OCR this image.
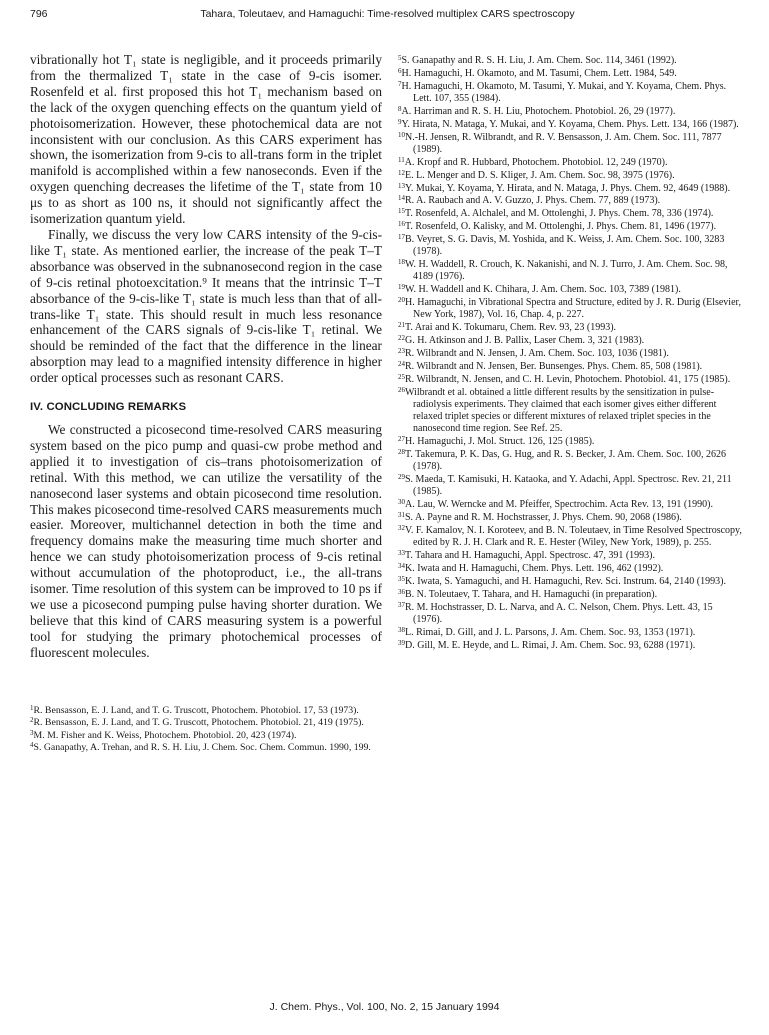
796	Tahara, Toleutaev, and Hamaguchi: Time-resolved multiplex CARS spectroscopy

vibrationally hot T₁ state is negligible, and it proceeds primarily from the thermalized T₁ state in the case of 9-cis isomer. Rosenfeld et al. first proposed this hot T₁ mechanism based on the lack of the oxygen quenching effects on the quantum yield of photoisomerization. However, these photochemical data are not inconsistent with our conclusion. As this CARS experiment has shown, the isomerization from 9-cis to all-trans form in the triplet manifold is accomplished within a few nanoseconds. Even if the oxygen quenching decreases the lifetime of the T₁ state from 10 μs to as short as 100 ns, it should not significantly affect the isomerization quantum yield.

Finally, we discuss the very low CARS intensity of the 9-cis-like T₁ state. As mentioned earlier, the increase of the peak T–T absorbance was observed in the subnanosecond region in the case of 9-cis retinal photoexcitation.⁹ It means that the intrinsic T–T absorbance of the 9-cis-like T₁ state is much less than that of all-trans-like T₁ state. This should result in much less resonance enhancement of the CARS signals of 9-cis-like T₁ retinal. We should be reminded of the fact that the difference in the linear absorption may lead to a magnified intensity difference in higher order optical processes such as resonant CARS.

IV. CONCLUDING REMARKS

We constructed a picosecond time-resolved CARS measuring system based on the pico pump and quasi-cw probe method and applied it to investigation of cis–trans photoisomerization of retinal. With this method, we can utilize the versatility of the nanosecond laser systems and obtain picosecond time resolution. This makes picosecond time-resolved CARS measurements much easier. Moreover, multichannel detection in both the time and frequency domains make the measuring time much shorter and hence we can study photoisomerization process of 9-cis retinal without accumulation of the photoproduct, i.e., the all-trans isomer. Time resolution of this system can be improved to 10 ps if we use a picosecond pumping pulse having shorter duration. We believe that this kind of CARS measuring system is a powerful tool for studying the primary photochemical processes of fluorescent molecules.

$^1$R. Bensasson, E. J. Land, and T. G. Truscott, Photochem. Photobiol. 17, 53 (1973).

$^2$R. Bensasson, E. J. Land, and T. G. Truscott, Photochem. Photobiol. 21, 419 (1975).

$^3$M. M. Fisher and K. Weiss, Photochem. Photobiol. 20, 423 (1974).

$^4$S. Ganapathy, A. Trehan, and R. S. H. Liu, J. Chem. Soc. Chem. Commun. 1990, 199.

$^5$S. Ganapathy and R. S. H. Liu, J. Am. Chem. Soc. 114, 3461 (1992).

$^6$H. Hamaguchi, H. Okamoto, and M. Tasumi, Chem. Lett. 1984, 549.

$^7$H. Hamaguchi, H. Okamoto, M. Tasumi, Y. Mukai, and Y. Koyama, Chem. Phys. Lett. 107, 355 (1984).

$^8$A. Harriman and R. S. H. Liu, Photochem. Photobiol. 26, 29 (1977).

$^9$Y. Hirata, N. Mataga, Y. Mukai, and Y. Koyama, Chem. Phys. Lett. 134, 166 (1987).

$^{10}$N.-H. Jensen, R. Wilbrandt, and R. V. Bensasson, J. Am. Chem. Soc. 111, 7877 (1989).

$^{11}$A. Kropf and R. Hubbard, Photochem. Photobiol. 12, 249 (1970).

$^{12}$E. L. Menger and D. S. Kliger, J. Am. Chem. Soc. 98, 3975 (1976).

$^{13}$Y. Mukai, Y. Koyama, Y. Hirata, and N. Mataga, J. Phys. Chem. 92, 4649 (1988).

$^{14}$R. A. Raubach and A. V. Guzzo, J. Phys. Chem. 77, 889 (1973).

$^{15}$T. Rosenfeld, A. Alchalel, and M. Ottolenghi, J. Phys. Chem. 78, 336 (1974).

$^{16}$T. Rosenfeld, O. Kalisky, and M. Ottolenghi, J. Phys. Chem. 81, 1496 (1977).

$^{17}$B. Veyret, S. G. Davis, M. Yoshida, and K. Weiss, J. Am. Chem. Soc. 100, 3283 (1978).

$^{18}$W. H. Waddell, R. Crouch, K. Nakanishi, and N. J. Turro, J. Am. Chem. Soc. 98, 4189 (1976).

$^{19}$W. H. Waddell and K. Chihara, J. Am. Chem. Soc. 103, 7389 (1981).

$^{20}$H. Hamaguchi, in Vibrational Spectra and Structure, edited by J. R. Durig (Elsevier, New York, 1987), Vol. 16, Chap. 4, p. 227.

$^{21}$T. Arai and K. Tokumaru, Chem. Rev. 93, 23 (1993).

$^{22}$G. H. Atkinson and J. B. Pallix, Laser Chem. 3, 321 (1983).

$^{23}$R. Wilbrandt and N. Jensen, J. Am. Chem. Soc. 103, 1036 (1981).

$^{24}$R. Wilbrandt and N. Jensen, Ber. Bunsenges. Phys. Chem. 85, 508 (1981).

$^{25}$R. Wilbrandt, N. Jensen, and C. H. Levin, Photochem. Photobiol. 41, 175 (1985).

$^{26}$Wilbrandt et al. obtained a little different results by the sensitization in pulse-radiolysis experiments. They claimed that each isomer gives either different relaxed triplet species or different mixtures of relaxed triplet species in the nanosecond time region. See Ref. 25.

$^{27}$H. Hamaguchi, J. Mol. Struct. 126, 125 (1985).

$^{28}$T. Takemura, P. K. Das, G. Hug, and R. S. Becker, J. Am. Chem. Soc. 100, 2626 (1978).

$^{29}$S. Maeda, T. Kamisuki, H. Kataoka, and Y. Adachi, Appl. Spectrosc. Rev. 21, 211 (1985).

$^{30}$A. Lau, W. Werncke and M. Pfeiffer, Spectrochim. Acta Rev. 13, 191 (1990).

$^{31}$S. A. Payne and R. M. Hochstrasser, J. Phys. Chem. 90, 2068 (1986).

$^{32}$V. F. Kamalov, N. I. Koroteev, and B. N. Toleutaev, in Time Resolved Spectroscopy, edited by R. J. H. Clark and R. E. Hester (Wiley, New York, 1989), p. 255.

$^{33}$T. Tahara and H. Hamaguchi, Appl. Spectrosc. 47, 391 (1993).

$^{34}$K. Iwata and H. Hamaguchi, Chem. Phys. Lett. 196, 462 (1992).

$^{35}$K. Iwata, S. Yamaguchi, and H. Hamaguchi, Rev. Sci. Instrum. 64, 2140 (1993).

$^{36}$B. N. Toleutaev, T. Tahara, and H. Hamaguchi (in preparation).

$^{37}$R. M. Hochstrasser, D. L. Narva, and A. C. Nelson, Chem. Phys. Lett. 43, 15 (1976).

$^{38}$L. Rimai, D. Gill, and J. L. Parsons, J. Am. Chem. Soc. 93, 1353 (1971).

$^{39}$D. Gill, M. E. Heyde, and L. Rimai, J. Am. Chem. Soc. 93, 6288 (1971).

J. Chem. Phys., Vol. 100, No. 2, 15 January 1994
